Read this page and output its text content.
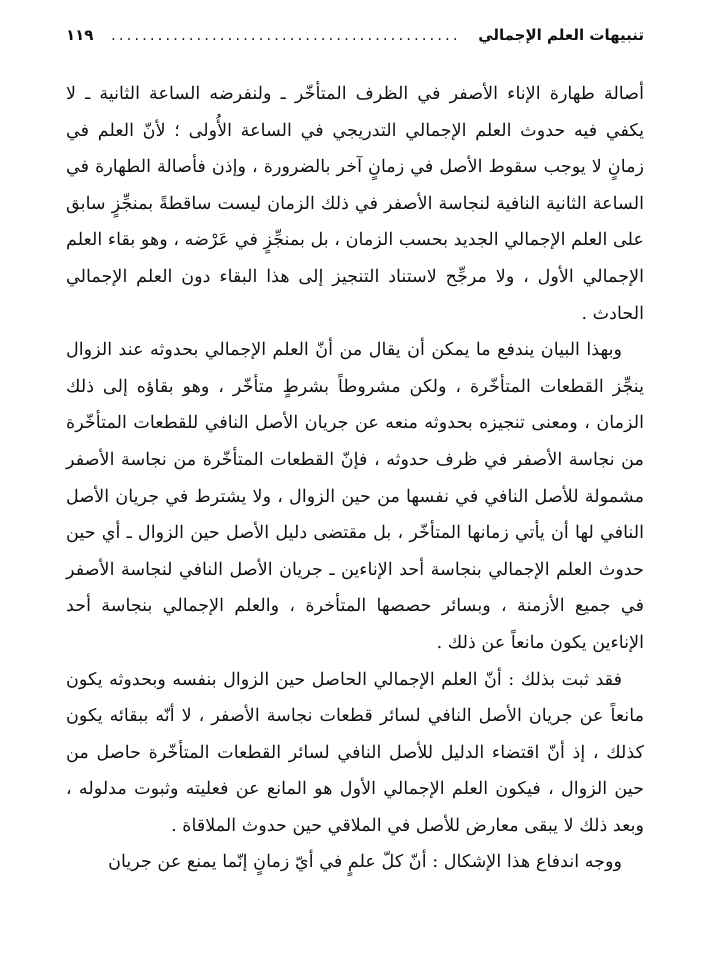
تنبيهات العلم الإجمالي
.............................................
١١٩

أصالة طهارة الإناء الأصفر في الظرف المتأخّر ـ ولنفرضه الساعة الثانية ـ لا يكفي فيه حدوث العلم الإجمالي التدريجي في الساعة الأُولى ؛ لأنّ العلم في زمانٍ لا يوجب سقوط الأصل في زمانٍ آخر بالضرورة ، وإذن فأصالة الطهارة في الساعة الثانية النافية لنجاسة الأصفر في ذلك الزمان ليست ساقطةً بمنجِّزٍ سابق على العلم الإجمالي الجديد بحسب الزمان ، بل بمنجِّزٍ في عَرْضه ، وهو بقاء العلم الإجمالي الأول ، ولا مرجِّح لاستناد التنجيز إلى هذا البقاء دون العلم الإجمالي الحادث .

وبهذا البيان يندفع ما يمكن أن يقال من أنّ العلم الإجمالي بحدوثه عند الزوال ينجِّز القطعات المتأخّرة ، ولكن مشروطاً بشرطٍ متأخّر ، وهو بقاؤه إلى ذلك الزمان ، ومعنى تنجيزه بحدوثه منعه عن جريان الأصل النافي للقطعات المتأخّرة من نجاسة الأصفر في ظرف حدوثه ، فإنّ القطعات المتأخّرة من نجاسة الأصفر مشمولة للأصل النافي في نفسها من حين الزوال ، ولا يشترط في جريان الأصل النافي لها أن يأتي زمانها المتأخّر ، بل مقتضى دليل الأصل حين الزوال ـ أي حين حدوث العلم الإجمالي بنجاسة أحد الإناءين ـ جريان الأصل النافي لنجاسة الأصفر في جميع الأزمنة ، وبسائر حصصها المتأخرة ، والعلم الإجمالي بنجاسة أحد الإناءين يكون مانعاً عن ذلك .

فقد ثبت بذلك : أنّ العلم الإجمالي الحاصل حين الزوال بنفسه وبحدوثه يكون مانعاً عن جريان الأصل النافي لسائر قطعات نجاسة الأصفر ، لا أنّه ببقائه يكون كذلك ، إذ أنّ اقتضاء الدليل للأصل النافي لسائر القطعات المتأخّرة حاصل من حين الزوال ، فيكون العلم الإجمالي الأول هو المانع عن فعليته وثبوت مدلوله ، وبعد ذلك لا يبقى معارض للأصل في الملاقي حين حدوث الملاقاة .

ووجه اندفاع هذا الإشكال : أنّ كلّ علمٍ في أيّ زمانٍ إنّما يمنع عن جريان
